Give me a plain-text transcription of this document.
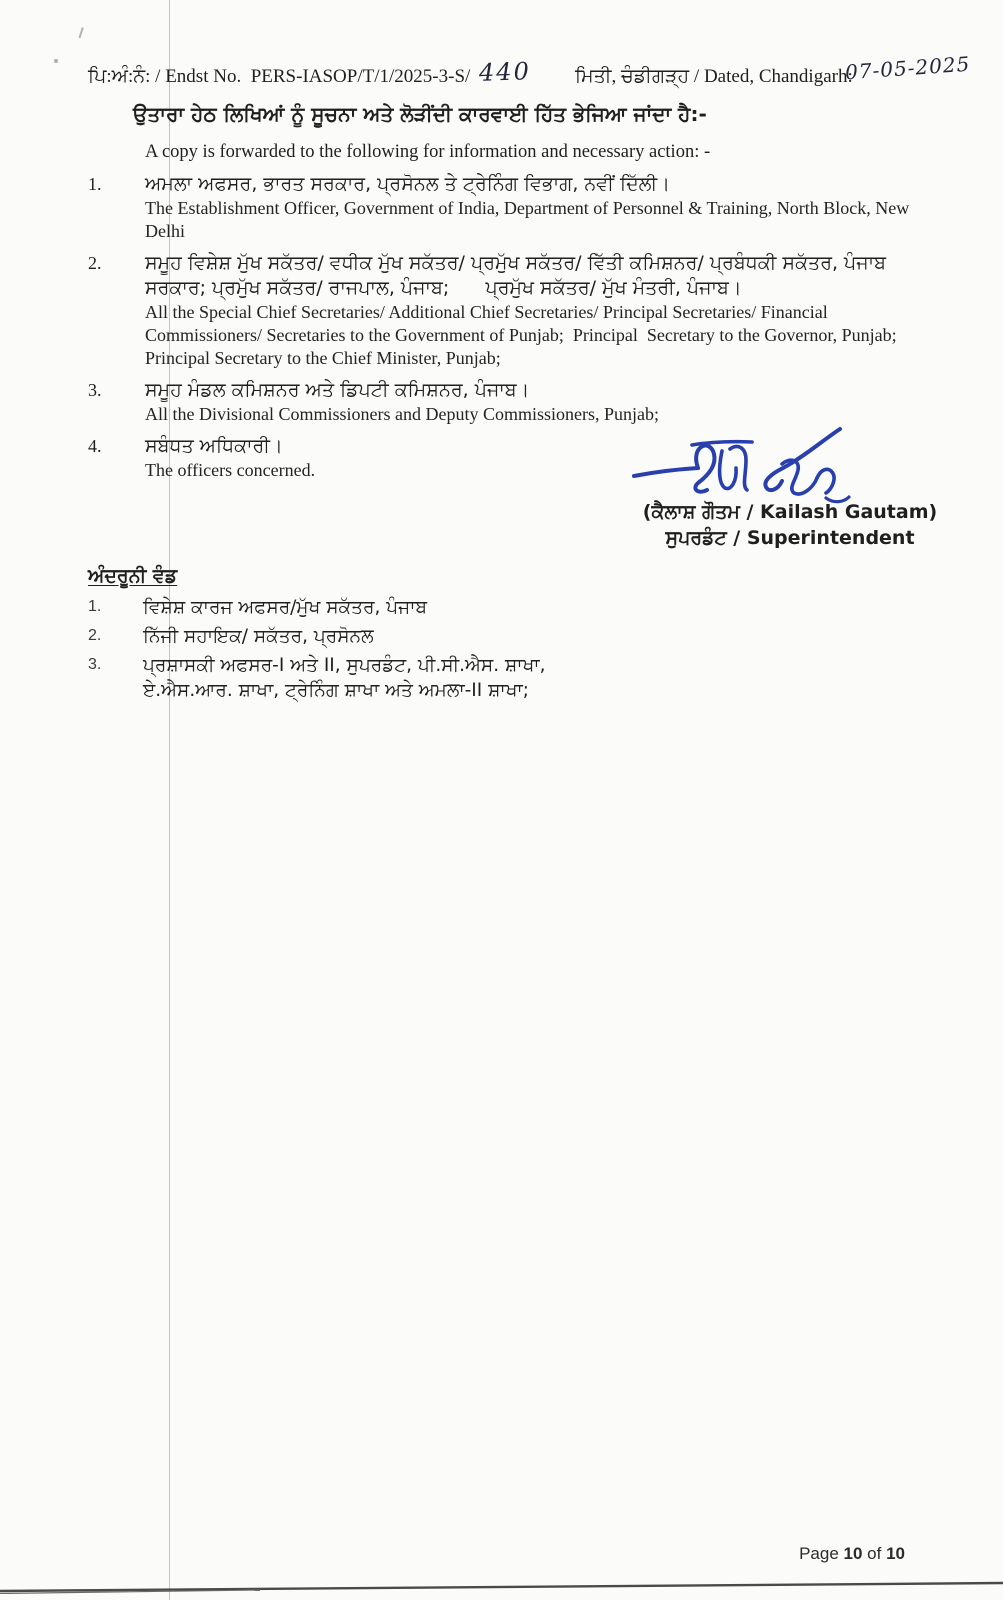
ਪਿ:ਅੰ:ਨੰ: / Endst No.  PERS-IASOP/T/1/2025-3-S/ 440 ਮਿਤੀ, ਚੰਡੀਗੜ੍ਹ / Dated, Chandigarh:
07-05-2025
ਉਤਾਰਾ ਹੇਠ ਲਿਖਿਆਂ ਨੂੰ ਸੂਚਨਾ ਅਤੇ ਲੋੜੀਂਦੀ ਕਾਰਵਾਈ ਹਿੱਤ ਭੇਜਿਆ ਜਾਂਦਾ ਹੈ:-
A copy is forwarded to the following for information and necessary action: -
1.	ਅਮਲਾ ਅਫਸਰ, ਭਾਰਤ ਸਰਕਾਰ, ਪ੍ਰਸੋਨਲ ਤੇ ਟ੍ਰੇਨਿੰਗ ਵਿਭਾਗ, ਨਵੀਂ ਦਿੱਲੀ।
The Establishment Officer, Government of India, Department of Personnel & Training, North Block, New Delhi
2.	ਸਮੂਹ ਵਿਸ਼ੇਸ਼ ਮੁੱਖ ਸਕੱਤਰ/ ਵਧੀਕ ਮੁੱਖ ਸਕੱਤਰ/ ਪ੍ਰਮੁੱਖ ਸਕੱਤਰ/ ਵਿੱਤੀ ਕਮਿਸ਼ਨਰ/ ਪ੍ਰਬੰਧਕੀ ਸਕੱਤਰ, ਪੰਜਾਬ ਸਰਕਾਰ; ਪ੍ਰਮੁੱਖ ਸਕੱਤਰ/ ਰਾਜਪਾਲ, ਪੰਜਾਬ;      ਪ੍ਰਮੁੱਖ ਸਕੱਤਰ/ ਮੁੱਖ ਮੰਤਰੀ, ਪੰਜਾਬ।
All the Special Chief Secretaries/ Additional Chief Secretaries/ Principal Secretaries/ Financial Commissioners/ Secretaries to the Government of Punjab;  Principal  Secretary to the Governor, Punjab;   Principal Secretary to the Chief Minister, Punjab;
3.	ਸਮੂਹ ਮੰਡਲ ਕਮਿਸ਼ਨਰ ਅਤੇ ਡਿਪਟੀ ਕਮਿਸ਼ਨਰ, ਪੰਜਾਬ।
All the Divisional Commissioners and Deputy Commissioners, Punjab;
4.	ਸਬੰਧਤ ਅਧਿਕਾਰੀ।
The officers concerned.
(ਕੈਲਾਸ਼ ਗੌਤਮ / Kailash Gautam)
ਸੁਪਰਡੰਟ / Superintendent
ਅੰਦਰੂਨੀ ਵੰਡ
1.	ਵਿਸ਼ੇਸ਼ ਕਾਰਜ ਅਫਸਰ/ਮੁੱਖ ਸਕੱਤਰ, ਪੰਜਾਬ
2.	ਨਿੱਜੀ ਸਹਾਇਕ/ ਸਕੱਤਰ, ਪ੍ਰਸੋਨਲ
3.	ਪ੍ਰਸ਼ਾਸਕੀ ਅਫਸਰ-I ਅਤੇ II, ਸੁਪਰਡੰਟ, ਪੀ.ਸੀ.ਐਸ. ਸ਼ਾਖਾ,
ਏ.ਐਸ.ਆਰ. ਸ਼ਾਖਾ, ਟ੍ਰੇਨਿੰਗ ਸ਼ਾਖਾ ਅਤੇ ਅਮਲਾ-II ਸ਼ਾਖਾ;
Page 10 of 10
